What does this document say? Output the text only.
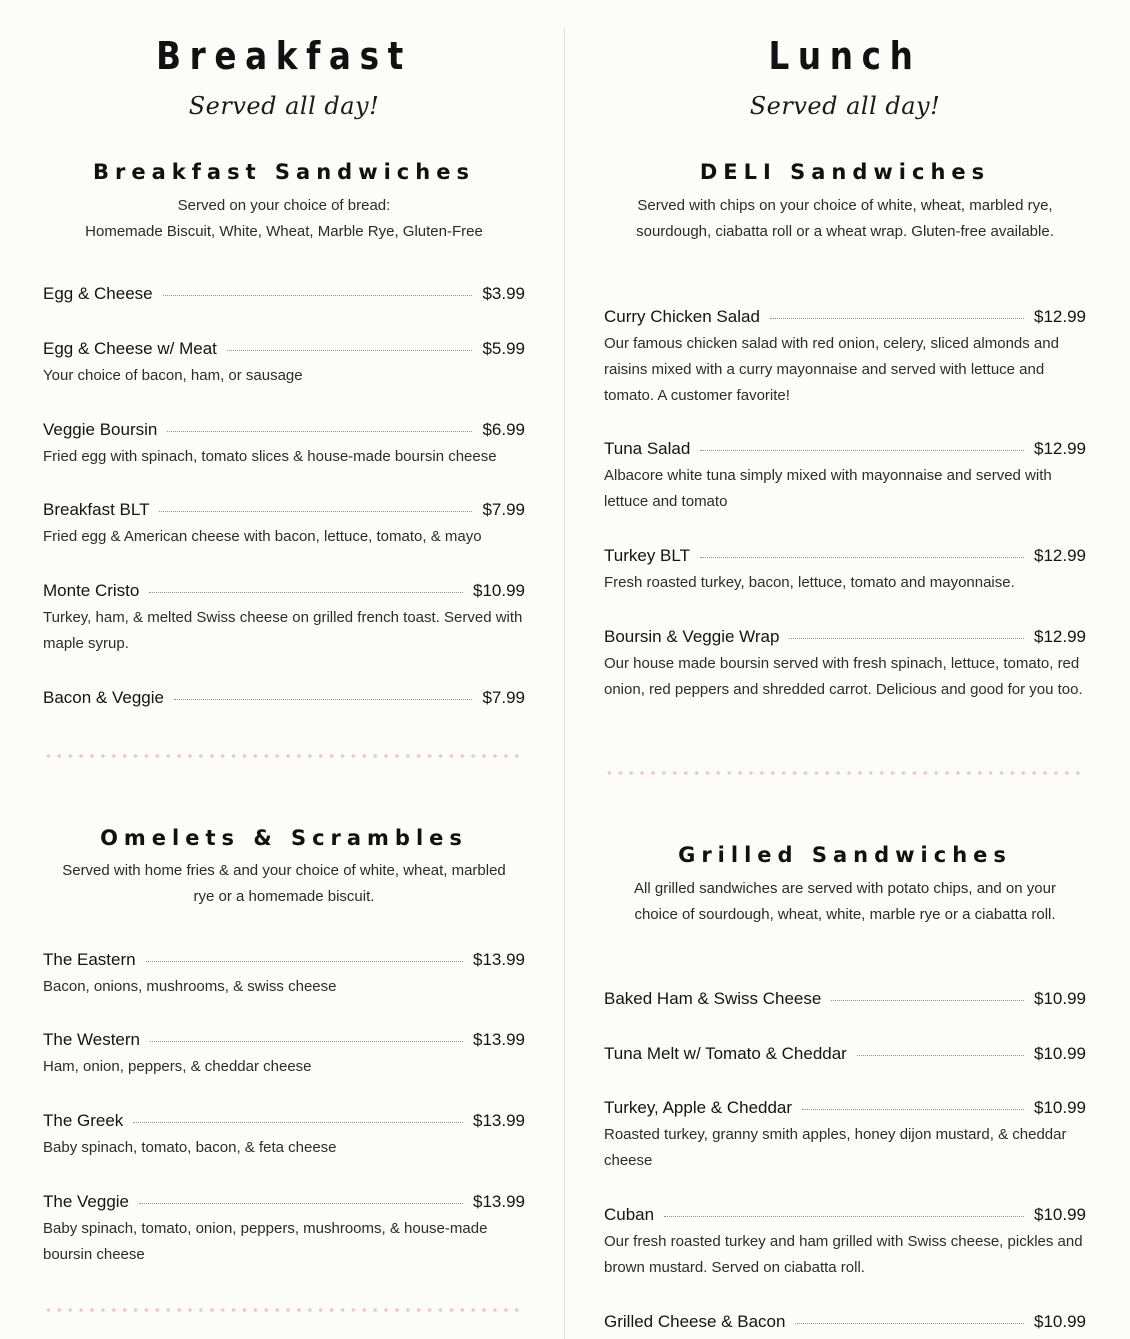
Breakfast
Served all day!
Breakfast Sandwiches
Served on your choice of bread:
Homemade Biscuit, White, Wheat, Marble Rye, Gluten-Free
Egg & Cheese	$3.99
Egg & Cheese w/ Meat	$5.99
Your choice of bacon, ham, or sausage
Veggie Boursin	$6.99
Fried egg with spinach, tomato slices & house-made boursin cheese
Breakfast BLT	$7.99
Fried egg & American cheese with bacon, lettuce, tomato, & mayo
Monte Cristo	$10.99
Turkey, ham, & melted Swiss cheese on grilled french toast. Served with maple syrup.
Bacon & Veggie	$7.99
Omelets & Scrambles
Served with home fries & and your choice of white, wheat, marbled
rye or a homemade biscuit.
The Eastern	$13.99
Bacon, onions, mushrooms, & swiss cheese
The Western	$13.99
Ham, onion, peppers, & cheddar cheese
The Greek	$13.99
Baby spinach, tomato, bacon, & feta cheese
The Veggie	$13.99
Baby spinach, tomato, onion, peppers, mushrooms, & house-made boursin cheese
Lunch
Served all day!
DELI Sandwiches
Served with chips on your choice of white, wheat, marbled rye,
sourdough, ciabatta roll or a wheat wrap. Gluten-free available.
Curry Chicken Salad	$12.99
Our famous chicken salad with red onion, celery, sliced almonds and raisins mixed with a curry mayonnaise and served with lettuce and tomato. A customer favorite!
Tuna Salad	$12.99
Albacore white tuna simply mixed with mayonnaise and served with lettuce and tomato
Turkey BLT	$12.99
Fresh roasted turkey, bacon, lettuce, tomato and mayonnaise.
Boursin & Veggie Wrap	$12.99
Our house made boursin served with fresh spinach, lettuce, tomato, red onion, red peppers and shredded carrot. Delicious and good for you too.
Grilled Sandwiches
All grilled sandwiches are served with potato chips, and on your
choice of sourdough, wheat, white, marble rye or a ciabatta roll.
Baked Ham & Swiss Cheese	$10.99
Tuna Melt w/ Tomato & Cheddar	$10.99
Turkey, Apple & Cheddar	$10.99
Roasted turkey, granny smith apples, honey dijon mustard, & cheddar cheese
Cuban	$10.99
Our fresh roasted turkey and ham grilled with Swiss cheese, pickles and brown mustard. Served on ciabatta roll.
Grilled Cheese & Bacon	$10.99
